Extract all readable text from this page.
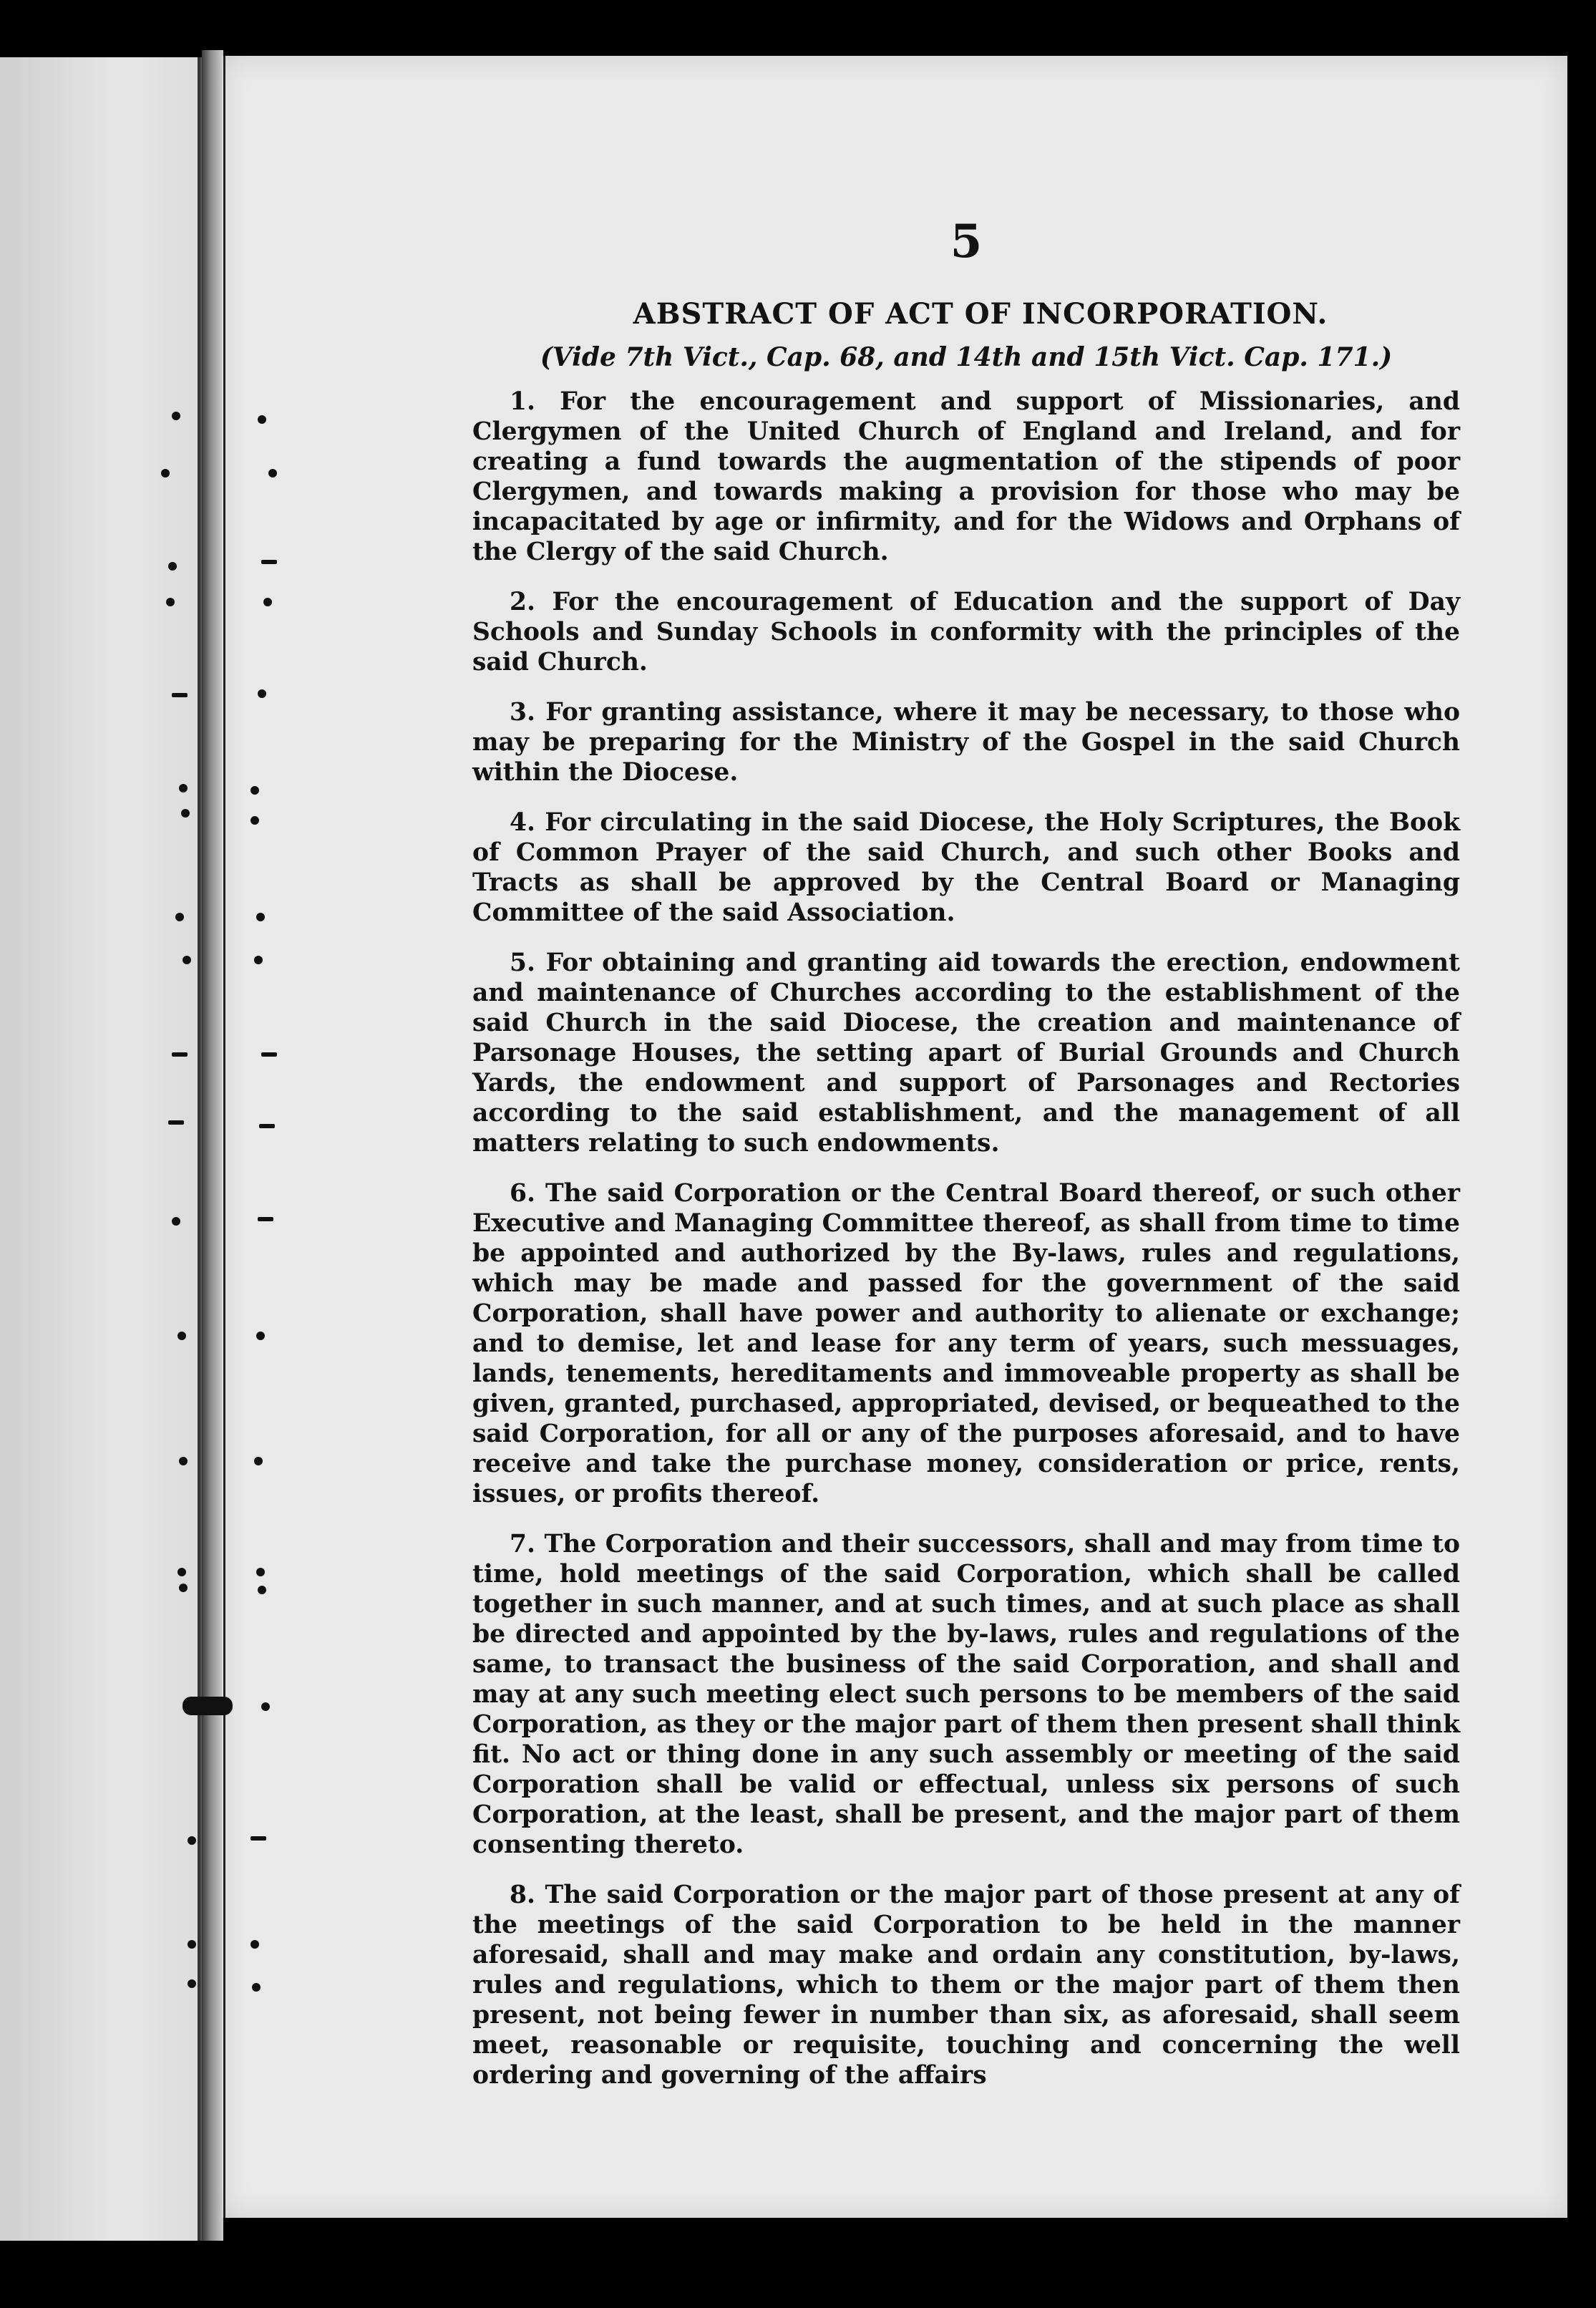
5
ABSTRACT OF ACT OF INCORPORATION.
(Vide 7th Vict., Cap. 68, and 14th and 15th Vict. Cap. 171.)

1. For the encouragement and support of Missionaries, and Clergymen of the United Church of England and Ireland, and for creating a fund towards the augmentation of the stipends of poor Clergymen, and towards making a provision for those who may be incapacitated by age or infirmity, and for the Widows and Orphans of the Clergy of the said Church.

2. For the encouragement of Education and the support of Day Schools and Sunday Schools in conformity with the principles of the said Church.

3. For granting assistance, where it may be necessary, to those who may be preparing for the Ministry of the Gospel in the said Church within the Diocese.

4. For circulating in the said Diocese, the Holy Scriptures, the Book of Common Prayer of the said Church, and such other Books and Tracts as shall be approved by the Central Board or Managing Committee of the said Association.

5. For obtaining and granting aid towards the erection, endowment and maintenance of Churches according to the establishment of the said Church in the said Diocese, the creation and maintenance of Parsonage Houses, the setting apart of Burial Grounds and Church Yards, the endowment and support of Parsonages and Rectories according to the said establishment, and the management of all matters relating to such endowments.

6. The said Corporation or the Central Board thereof, or such other Executive and Managing Committee thereof, as shall from time to time be appointed and authorized by the By-laws, rules and regulations, which may be made and passed for the government of the said Corporation, shall have power and authority to alienate or exchange; and to demise, let and lease for any term of years, such messuages, lands, tenements, hereditaments and immoveable property as shall be given, granted, purchased, appropriated, devised, or bequeathed to the said Corporation, for all or any of the purposes aforesaid, and to have receive and take the purchase money, consideration or price, rents, issues, or profits thereof.

7. The Corporation and their successors, shall and may from time to time, hold meetings of the said Corporation, which shall be called together in such manner, and at such times, and at such place as shall be directed and appointed by the by-laws, rules and regulations of the same, to transact the business of the said Corporation, and shall and may at any such meeting elect such persons to be members of the said Corporation, as they or the major part of them then present shall think fit. No act or thing done in any such assembly or meeting of the said Corporation shall be valid or effectual, unless six persons of such Corporation, at the least, shall be present, and the major part of them consenting thereto.

8. The said Corporation or the major part of those present at any of the meetings of the said Corporation to be held in the manner aforesaid, shall and may make and ordain any constitution, by-laws, rules and regulations, which to them or the major part of them then present, not being fewer in number than six, as aforesaid, shall seem meet, reasonable or requisite, touching and concerning the well ordering and governing of the affairs
